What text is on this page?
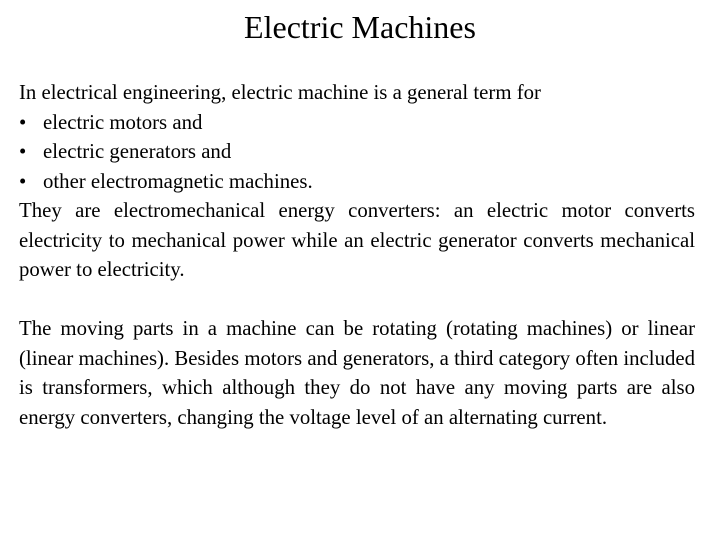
Electric Machines
In electrical engineering, electric machine is a general term for
• electric motors and
• electric generators and
• other electromagnetic machines.

They are electromechanical energy converters: an electric motor converts electricity to mechanical power while an electric generator converts mechanical power to electricity.

The moving parts in a machine can be rotating (rotating machines) or linear (linear machines). Besides motors and generators, a third category often included is transformers, which although they do not have any moving parts are also energy converters, changing the voltage level of an alternating current.
